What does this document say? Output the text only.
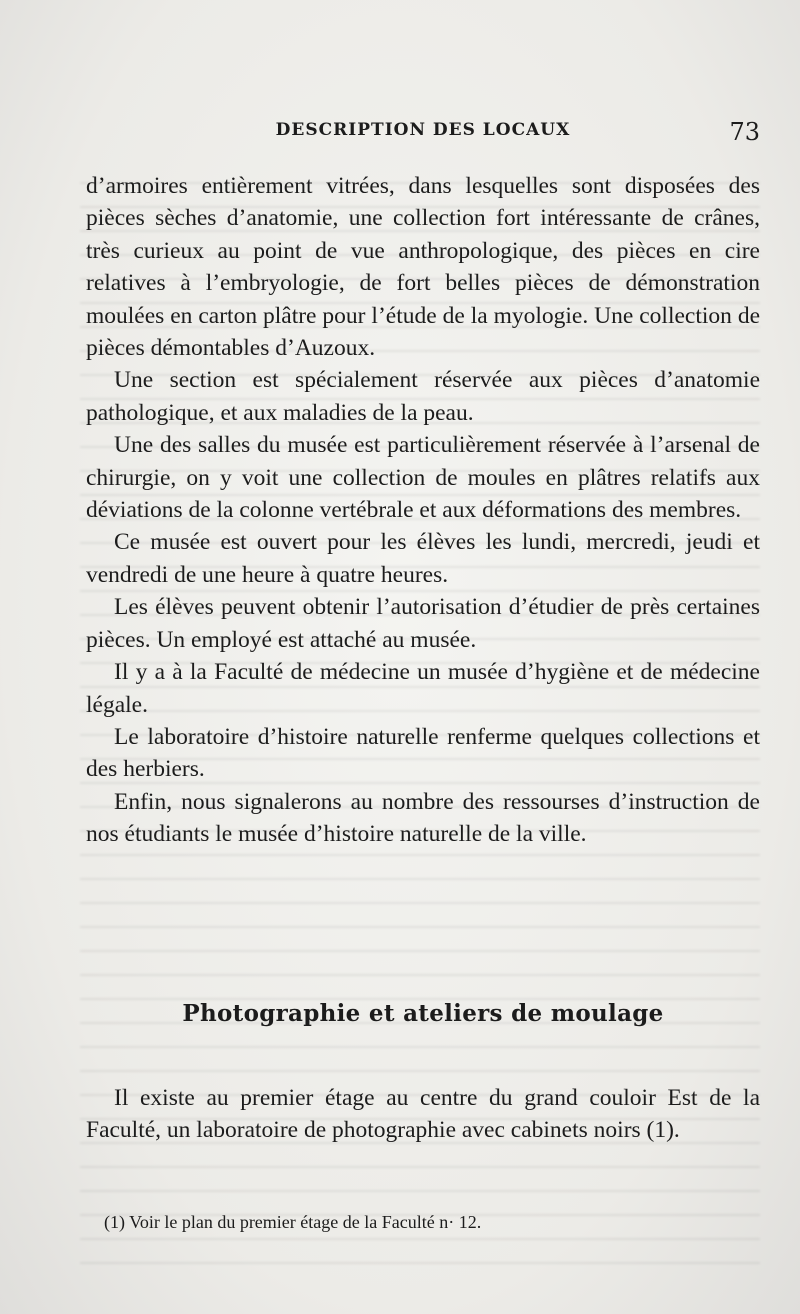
DESCRIPTION DES LOCAUX	73

d’armoires entièrement vitrées, dans lesquelles sont disposées des pièces sèches d’anatomie, une collection fort intéressante de crânes, très curieux au point de vue anthropologique, des pièces en cire relatives à l’embryologie, de fort belles pièces de démonstration moulées en carton plâtre pour l’étude de la myologie. Une collection de pièces démontables d’Auzoux.

Une section est spécialement réservée aux pièces d’anatomie pathologique, et aux maladies de la peau.

Une des salles du musée est particulièrement réservée à l’arsenal de chirurgie, on y voit une collection de moules en plâtres relatifs aux déviations de la colonne vertébrale et aux déformations des membres.

Ce musée est ouvert pour les élèves les lundi, mercredi, jeudi et vendredi de une heure à quatre heures.

Les élèves peuvent obtenir l’autorisation d’étudier de près certaines pièces. Un employé est attaché au musée.

Il y a à la Faculté de médecine un musée d’hygiène et de médecine légale.

Le laboratoire d’histoire naturelle renferme quelques collections et des herbiers.

Enfin, nous signalerons au nombre des ressourses d’instruction de nos étudiants le musée d’histoire naturelle de la ville.

Photographie et ateliers de moulage

Il existe au premier étage au centre du grand couloir Est de la Faculté, un laboratoire de photographie avec cabinets noirs (1).

(1) Voir le plan du premier étage de la Faculté n· 12.
